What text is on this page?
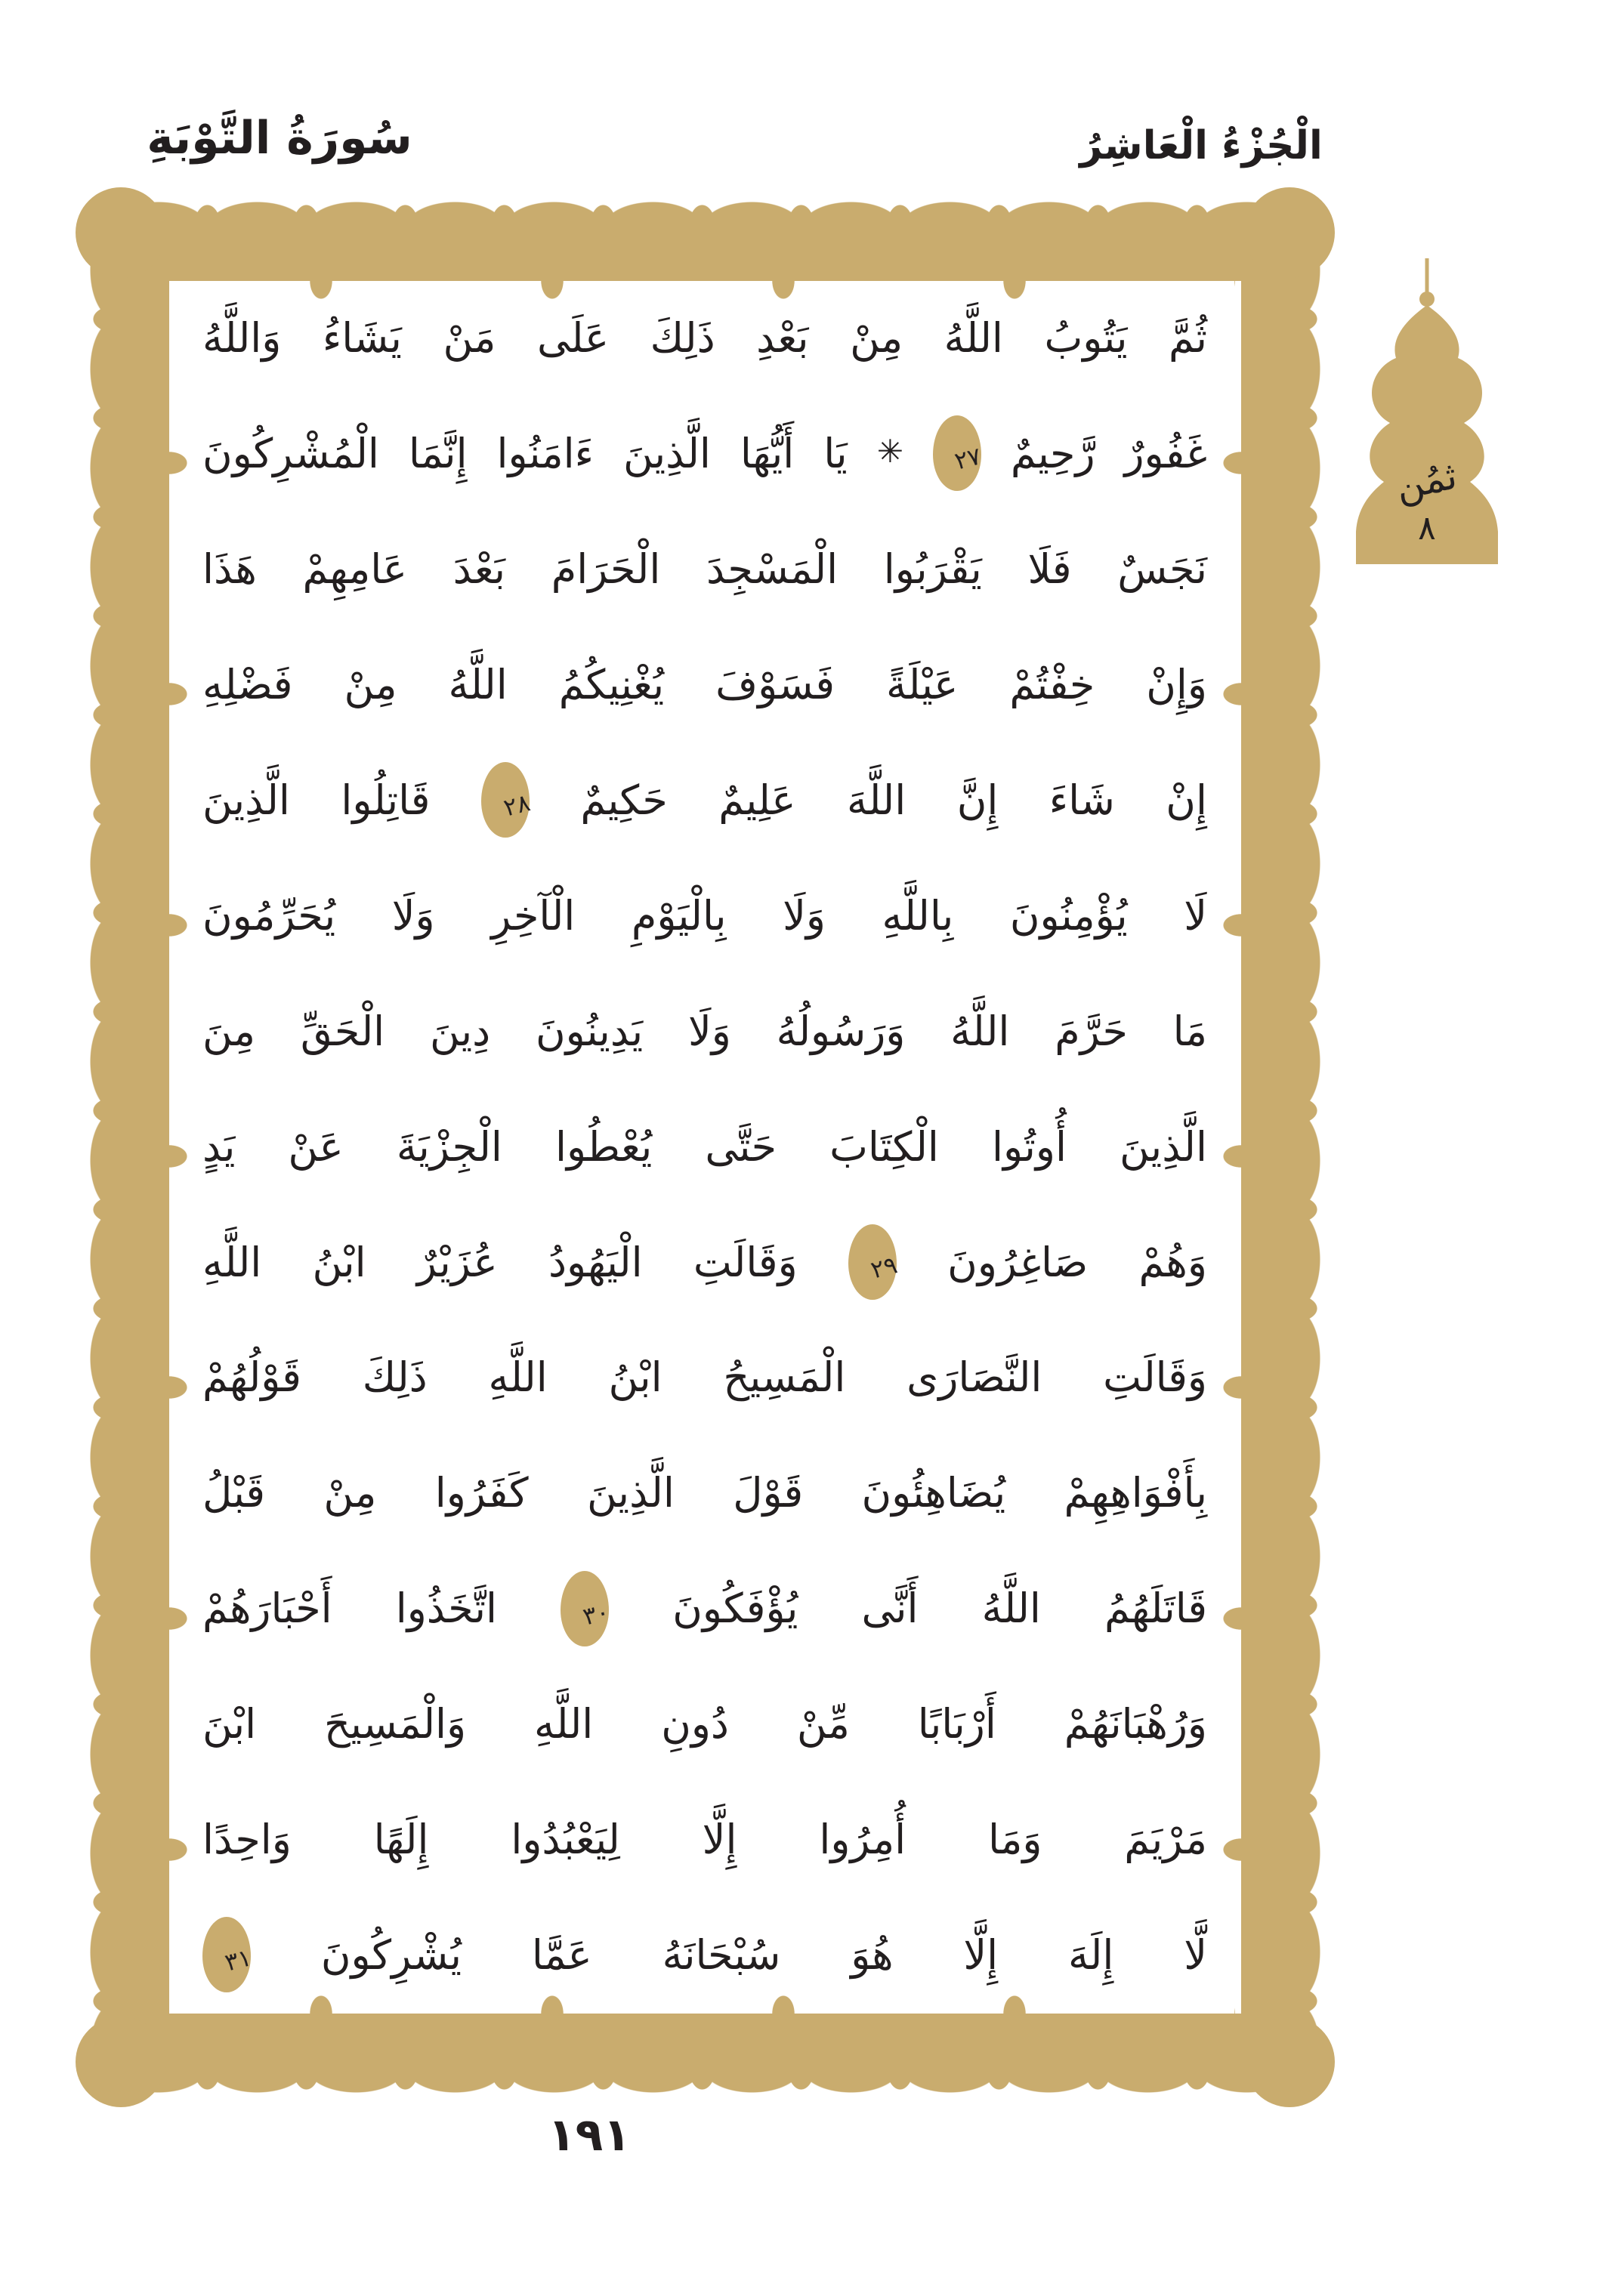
سُورَةُ التَّوْبَةِ	الْجُزْءُ الْعَاشِرُ
ثُمَّ يَتُوبُ اللَّهُ مِنْ بَعْدِ ذَلِكَ عَلَى مَنْ يَشَاءُ وَاللَّهُ
غَفُورٌ رَّحِيمٌ ٢٧ ✳ يَا أَيُّهَا الَّذِينَ ءَامَنُوا إِنَّمَا الْمُشْرِكُونَ
نَجَسٌ فَلَا يَقْرَبُوا الْمَسْجِدَ الْحَرَامَ بَعْدَ عَامِهِمْ هَذَا
وَإِنْ خِفْتُمْ عَيْلَةً فَسَوْفَ يُغْنِيكُمُ اللَّهُ مِنْ فَضْلِهِ
إِنْ شَاءَ إِنَّ اللَّهَ عَلِيمٌ حَكِيمٌ ٢٨ قَاتِلُوا الَّذِينَ
لَا يُؤْمِنُونَ بِاللَّهِ وَلَا بِالْيَوْمِ الْآخِرِ وَلَا يُحَرِّمُونَ
مَا حَرَّمَ اللَّهُ وَرَسُولُهُ وَلَا يَدِينُونَ دِينَ الْحَقِّ مِنَ
الَّذِينَ أُوتُوا الْكِتَابَ حَتَّى يُعْطُوا الْجِزْيَةَ عَنْ يَدٍ
وَهُمْ صَاغِرُونَ ٢٩ وَقَالَتِ الْيَهُودُ عُزَيْرٌ ابْنُ اللَّهِ
وَقَالَتِ النَّصَارَى الْمَسِيحُ ابْنُ اللَّهِ ذَلِكَ قَوْلُهُمْ
بِأَفْوَاهِهِمْ يُضَاهِئُونَ قَوْلَ الَّذِينَ كَفَرُوا مِنْ قَبْلُ
قَاتَلَهُمُ اللَّهُ أَنَّى يُؤْفَكُونَ ٣٠ اتَّخَذُوا أَحْبَارَهُمْ
وَرُهْبَانَهُمْ أَرْبَابًا مِّنْ دُونِ اللَّهِ وَالْمَسِيحَ ابْنَ
مَرْيَمَ وَمَا أُمِرُوا إِلَّا لِيَعْبُدُوا إِلَهًا وَاحِدًا
لَّا إِلَهَ إِلَّا هُوَ سُبْحَانَهُ عَمَّا يُشْرِكُونَ ٣١
ثمُن
٨
١٩١
